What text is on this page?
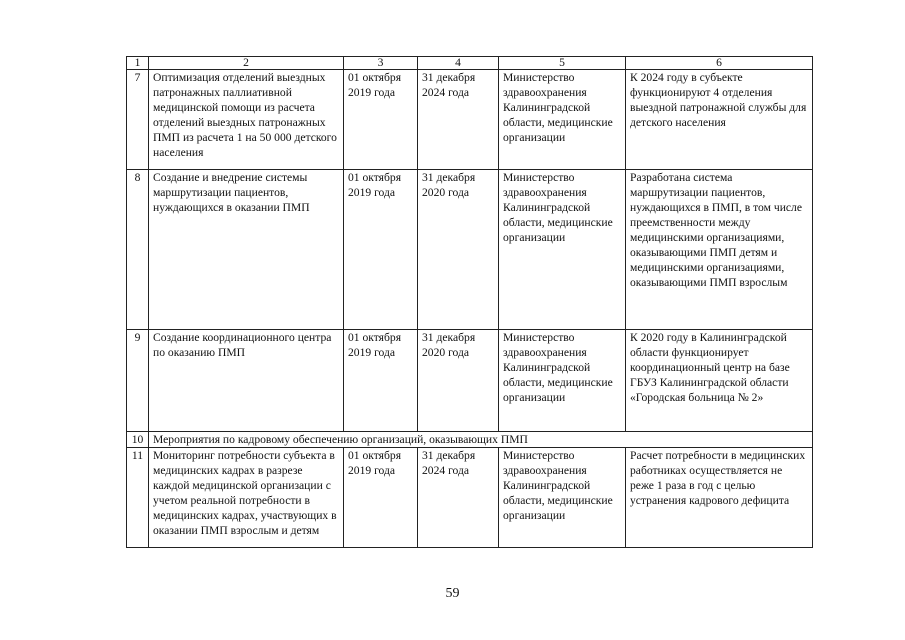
1	2	3	4	5	6
7	Оптимизация отделений выездных патронажных паллиативной медицинской помощи из расчета отделений выездных патронажных ПМП из расчета 1 на 50 000 детского населения	01 октября 2019 года	31 декабря 2024 года	Министерство здравоохранения Калининградской области, медицинские организации	К 2024 году в субъекте функционируют 4 отделения выездной патронажной службы для детского населения
8	Создание и внедрение системы маршрутизации пациентов, нуждающихся в оказании ПМП	01 октября 2019 года	31 декабря 2020 года	Министерство здравоохранения Калининградской области, медицинские организации	Разработана система маршрутизации пациентов, нуждающихся в ПМП, в том числе преемственности между медицинскими организациями, оказывающими ПМП детям и медицинскими организациями, оказывающими ПМП взрослым
9	Создание координационного центра по оказанию ПМП	01 октября 2019 года	31 декабря 2020 года	Министерство здравоохранения Калининградской области, медицинские организации	К 2020 году в Калининградской области функционирует координационный центр на базе ГБУЗ Калининградской области «Городская больница № 2»
10	Мероприятия по кадровому обеспечению организаций, оказывающих ПМП				
11	Мониторинг потребности субъекта в медицинских кадрах в разрезе каждой медицинской организации с учетом реальной потребности в медицинских кадрах, участвующих в оказании ПМП взрослым и детям	01 октября 2019 года	31 декабря 2024 года	Министерство здравоохранения Калининградской области, медицинские организации	Расчет потребности в медицинских работниках осуществляется не реже 1 раза в год с целью устранения кадрового дефицита
59
